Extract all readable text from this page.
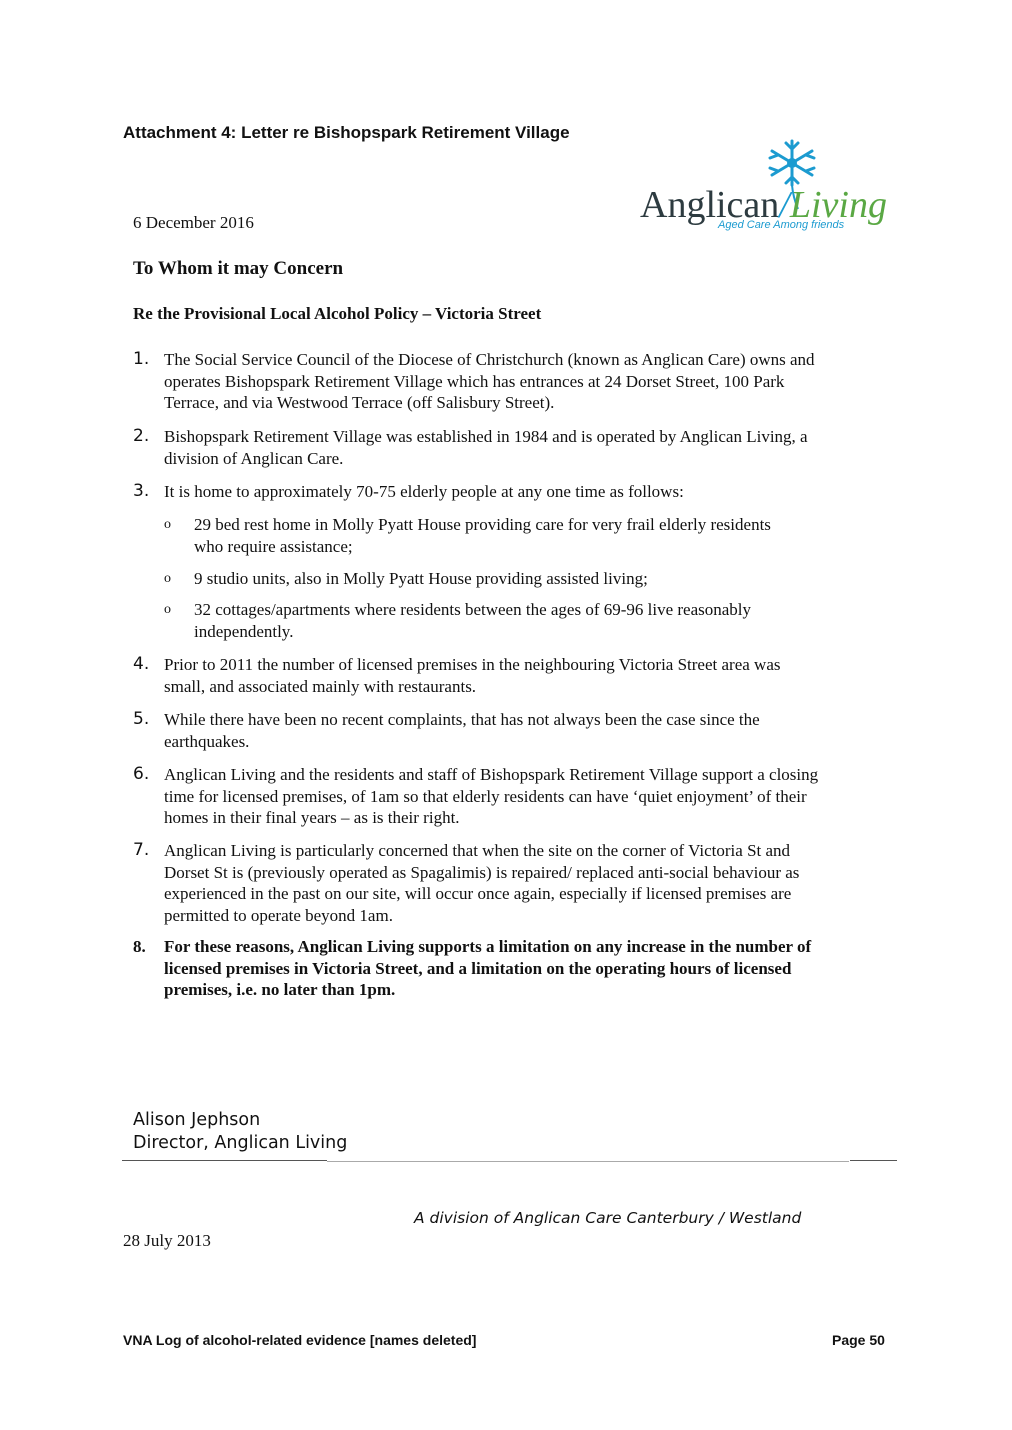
Attachment 4: Letter re Bishopspark Retirement Village
Anglican/Living
Aged Care Among friends
6 December 2016
To Whom it may Concern
Re the Provisional Local Alcohol Policy – Victoria Street
1. The Social Service Council of the Diocese of Christchurch (known as Anglican Care) owns and operates Bishopspark Retirement Village which has entrances at 24 Dorset Street, 100 Park Terrace, and via Westwood Terrace (off Salisbury Street).
2. Bishopspark Retirement Village was established in 1984 and is operated by Anglican Living, a division of Anglican Care.
3. It is home to approximately 70-75 elderly people at any one time as follows:
o 29 bed rest home in Molly Pyatt House providing care for very frail elderly residents who require assistance;
o 9 studio units, also in Molly Pyatt House providing assisted living;
o 32 cottages/apartments where residents between the ages of 69-96 live reasonably independently.
4. Prior to 2011 the number of licensed premises in the neighbouring Victoria Street area was small, and associated mainly with restaurants.
5. While there have been no recent complaints, that has not always been the case since the earthquakes.
6. Anglican Living and the residents and staff of Bishopspark Retirement Village support a closing time for licensed premises, of 1am so that elderly residents can have ‘quiet enjoyment’ of their homes in their final years – as is their right.
7. Anglican Living is particularly concerned that when the site on the corner of Victoria St and Dorset St is (previously operated as Spagalimis) is repaired/ replaced anti-social behaviour as experienced in the past on our site, will occur once again, especially if licensed premises are permitted to operate beyond 1am.
8. For these reasons, Anglican Living supports a limitation on any increase in the number of licensed premises in Victoria Street, and a limitation on the operating hours of licensed premises, i.e. no later than 1pm.
Alison Jephson
Director, Anglican Living
A division of Anglican Care Canterbury / Westland
28 July 2013
VNA Log of alcohol-related evidence [names deleted]	Page 50
